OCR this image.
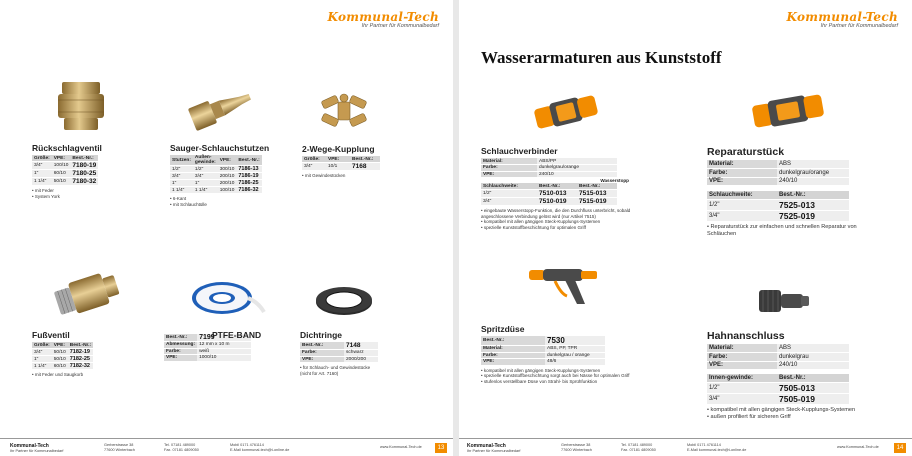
Kommunal-Tech
Ihr Partner für Kommunalbedarf
Rückschlagventil
Größe:	VPE:	Best.-Nr.:
3/4"	100/10	7180-19
1"	60/10	7180-25
1 1/4"	50/10	7180-32
• mit Feder
• System York
Sauger-Schlauchstutzen
Stutzen:	Außen-gewinde:	VPE:	Best.-Nr.:
1/2"	1/2"	300/10	7186-13
3/4"	3/4"	200/10	7186-19
1"	1"	200/10	7186-25
1 1/4"	1 1/4"	100/10	7186-32
• 6-Kant
• mit Schlauchtülle
2-Wege-Kupplung
Größe:	VPE:	Best.-Nr.:
3/4"	10/1	7168
• mit Gewindestücken
Fußventil
Größe:	VPE:	Best.-Nr.:
3/4"	50/10	7182-19
1"	50/10	7182-25
1 1/4"	60/10	7182-32
• mit Feder und Saugkorb
PTFE-BAND
Best.-Nr.:	7199
Abmessung:	12 mm x 10 m
Farbe:	weiß
VPE:	1000/10
Dichtringe
Best.-Nr.:	7148
Farbe:	schwarz
VPE:	2000/200
• für Schlauch- und Gewindestücke (nicht für Art. 7160)
Kommunal-Tech
Ihr Partner für Kommunalbedarf
Gerberstrasse 38
77600 Winterbach
Tel. 07181 489000
Fax. 07181 4809050
Mobil 0171 4761114
E-Mail kommunal-tech@t-online.de
www.Kommunal-Tech.de	13
Kommunal-Tech
Ihr Partner für Kommunalbedarf
Wasserarmaturen aus Kunststoff
Schlauchverbinder
Material:	ABS/PP
Farbe:	dunkelgrau/orange
VPE:	240/10
Wasserstopp
Schlauchweite:	Best.-Nr.:	Best.-Nr.:
1/2"	7510-013	7515-013
3/4"	7510-019	7515-019
• eingebaute Wasserstopp-Funktion, die den Durchfluss unterbricht, sobald angeschlossene Verbindung gelöst wird (nur Artikel 7515)
• kompatibel mit allen gängigen Steck-Kupplungs-Systemen
• spezielle Kunststoffbeschichtung für optimalen Griff
Reparaturstück
Material:	ABS
Farbe:	dunkelgrau/orange
VPE:	240/10
Schlauchweite:	Best.-Nr.:
1/2"	7525-013
3/4"	7525-019
• Reparaturstück zur einfachen und schnellen Reparatur von Schläuchen
Spritzdüse
Best.-Nr.:	7530
Material:	ABS, PP, TPR
Farbe:	dunkelgrau / orange
VPE:	48/6
• kompatibel mit allen gängigen Steck-Kupplungs-Systemen
• spezielle Kunststoffbeschichtung sorgt auch bei Nässe für optimalen Griff
• stufenlos verstellbare Düse von Strahl- bis Sprühfunktion
Hahnanschluss
Material:	ABS
Farbe:	dunkelgrau
VPE:	240/10
Innen-gewinde:	Best.-Nr.:
1/2"	7505-013
3/4"	7505-019
• kompatibel mit allen gängigen Steck-Kupplungs-Systemen
• außen profiliert für sicheren Griff
Kommunal-Tech
Ihr Partner für Kommunalbedarf
Gerberstrasse 38
77600 Winterbach
Tel. 07181 489000
Fax. 07181 4809050
Mobil 0171 4761114
E-Mail kommunal-tech@t-online.de
www.Kommunal-Tech.de	14
